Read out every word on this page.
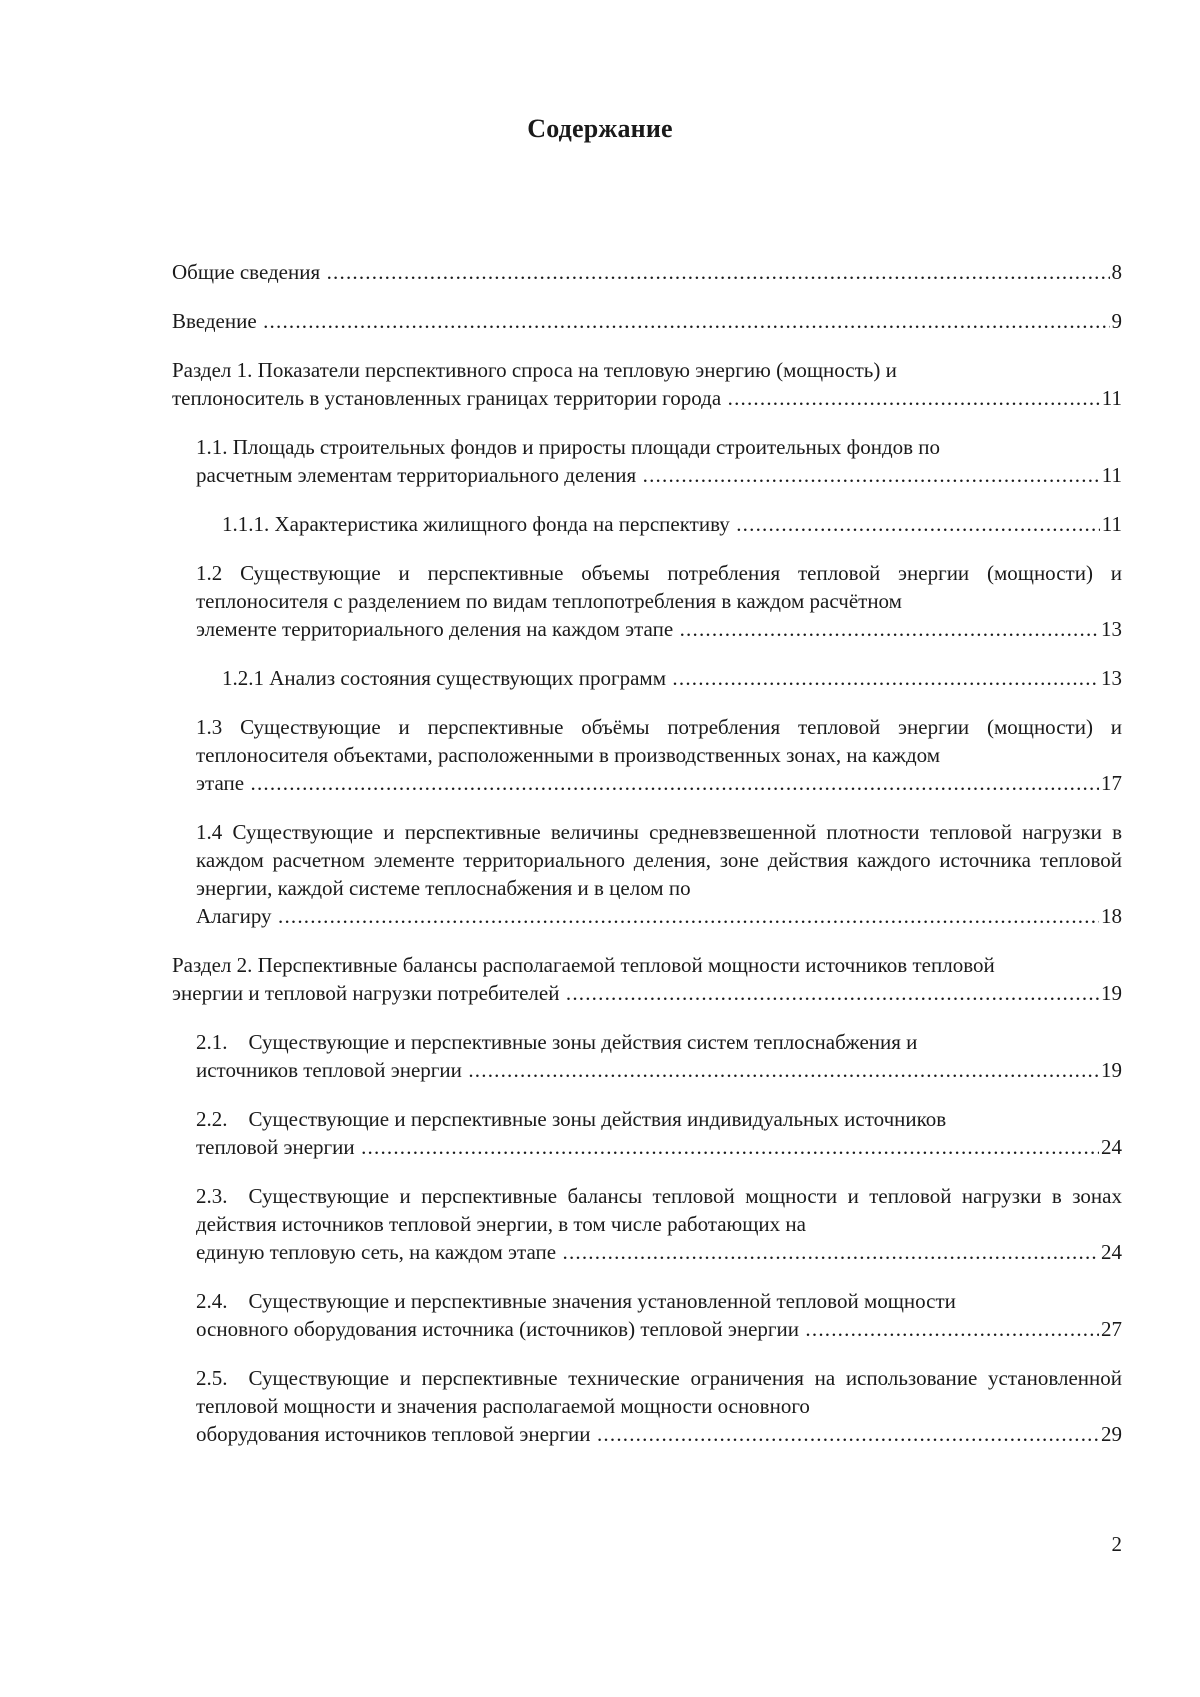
Содержание
8
Общие сведения .....
9
Введение .....
Раздел 1. Показатели перспективного спроса на тепловую энергию (мощность) и
11
теплоноситель в установленных границах территории города .....
1.1. Площадь строительных фондов и приросты площади строительных фондов по
11
расчетным элементам территориального деления .....
11
1.1.1. Характеристика жилищного фонда на перспективу .....
1.2 Существующие и перспективные объемы потребления тепловой энергии (мощности) и теплоносителя с разделением по видам теплопотребления в каждом расчётном
13
элементе территориального деления на каждом этапе .....
13
1.2.1 Анализ состояния существующих программ .....
1.3 Существующие и перспективные объёмы потребления тепловой энергии (мощности) и теплоносителя объектами, расположенными в производственных зонах, на каждом
17
этапе .....
1.4 Существующие и перспективные величины средневзвешенной плотности тепловой нагрузки в каждом расчетном элементе территориального деления, зоне действия каждого источника тепловой энергии, каждой системе теплоснабжения и в целом по
18
Алагиру .....
Раздел 2. Перспективные балансы располагаемой тепловой мощности источников тепловой
19
энергии и тепловой нагрузки потребителей .....
2.1.  Существующие и перспективные зоны действия систем теплоснабжения и
19
источников тепловой энергии .....
2.2.  Существующие и перспективные зоны действия индивидуальных источников
24
тепловой энергии .....
2.3.  Существующие и перспективные балансы тепловой мощности и тепловой нагрузки в зонах действия источников тепловой энергии, в том числе работающих на
24
единую тепловую сеть, на каждом этапе .....
2.4.  Существующие и перспективные значения установленной тепловой мощности
27
основного оборудования источника (источников) тепловой энергии .....
2.5.  Существующие и перспективные технические ограничения на использование установленной тепловой мощности и значения располагаемой мощности основного
29
оборудования источников тепловой энергии .....
2
